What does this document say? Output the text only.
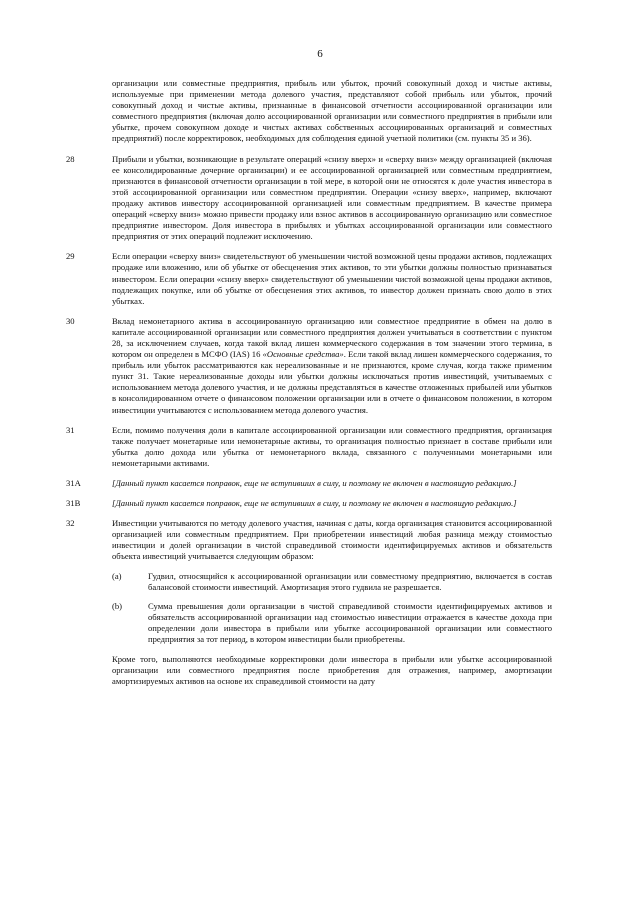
6
организации или совместные предприятия, прибыль или убыток, прочий совокупный доход и чистые активы, используемые при применении метода долевого участия, представляют собой прибыль или убыток, прочий совокупный доход и чистые активы, признанные в финансовой отчетности ассоциированной организации или совместного предприятия (включая долю ассоциированной организации или совместного предприятия в прибыли или убытке, прочем совокупном доходе и чистых активах собственных ассоциированных организаций и совместных предприятий) после корректировок, необходимых для соблюдения единой учетной политики (см. пункты 35 и 36).
28	Прибыли и убытки, возникающие в результате операций «снизу вверх» и «сверху вниз» между организацией (включая ее консолидированные дочерние организации) и ее ассоциированной организацией или совместным предприятием, признаются в финансовой отчетности организации в той мере, в которой они не относятся к доле участия инвестора в этой ассоциированной организации или совместном предприятии. Операции «снизу вверх», например, включают продажу активов инвестору ассоциированной организацией или совместным предприятием. В качестве примера операций «сверху вниз» можно привести продажу или взнос активов в ассоциированную организацию или совместное предприятие инвестором. Доля инвестора в прибылях и убытках ассоциированной организации или совместного предприятия от этих операций подлежит исключению.
29	Если операции «сверху вниз» свидетельствуют об уменьшении чистой возможной цены продажи активов, подлежащих продаже или вложению, или об убытке от обесценения этих активов, то эти убытки должны полностью признаваться инвестором. Если операции «снизу вверх» свидетельствуют об уменьшении чистой возможной цены продажи активов, подлежащих покупке, или об убытке от обесценения этих активов, то инвестор должен признать свою долю в этих убытках.
30	Вклад немонетарного актива в ассоциированную организацию или совместное предприятие в обмен на долю в капитале ассоциированной организации или совместного предприятия должен учитываться в соответствии с пунктом 28, за исключением случаев, когда такой вклад лишен коммерческого содержания в том значении этого термина, в котором он определен в МСФО (IAS) 16 «Основные средства». Если такой вклад лишен коммерческого содержания, то прибыль или убыток рассматриваются как нереализованные и не признаются, кроме случая, когда также применим пункт 31. Такие нереализованные доходы или убытки должны исключаться против инвестиций, учитываемых с использованием метода долевого участия, и не должны представляться в качестве отложенных прибылей или убытков в консолидированном отчете о финансовом положении организации или в отчете о финансовом положении, в котором инвестиции учитываются с использованием метода долевого участия.
31	Если, помимо получения доли в капитале ассоциированной организации или совместного предприятия, организация также получает монетарные или немонетарные активы, то организация полностью признает в составе прибыли или убытка долю дохода или убытка от немонетарного вклада, связанного с полученными монетарными или немонетарными активами.
31A	[Данный пункт касается поправок, еще не вступивших в силу, и поэтому не включен в настоящую редакцию.]
31B	[Данный пункт касается поправок, еще не вступивших в силу, и поэтому не включен в настоящую редакцию.]
32	Инвестиции учитываются по методу долевого участия, начиная с даты, когда организация становится ассоциированной организацией или совместным предприятием. При приобретении инвестиций любая разница между стоимостью инвестиции и долей организации в чистой справедливой стоимости идентифицируемых активов и обязательств объекта инвестиций учитывается следующим образом:
(a)	Гудвил, относящийся к ассоциированной организации или совместному предприятию, включается в состав балансовой стоимости инвестиций. Амортизация этого гудвила не разрешается.
(b)	Сумма превышения доли организации в чистой справедливой стоимости идентифицируемых активов и обязательств ассоциированной организации над стоимостью инвестиции отражается в качестве дохода при определении доли инвестора в прибыли или убытке ассоциированной организации или совместного предприятия за тот период, в котором инвестиции были приобретены.
Кроме того, выполняются необходимые корректировки доли инвестора в прибыли или убытке ассоциированной организации или совместного предприятия после приобретения для отражения, например, амортизации амортизируемых активов на основе их справедливой стоимости на дату
